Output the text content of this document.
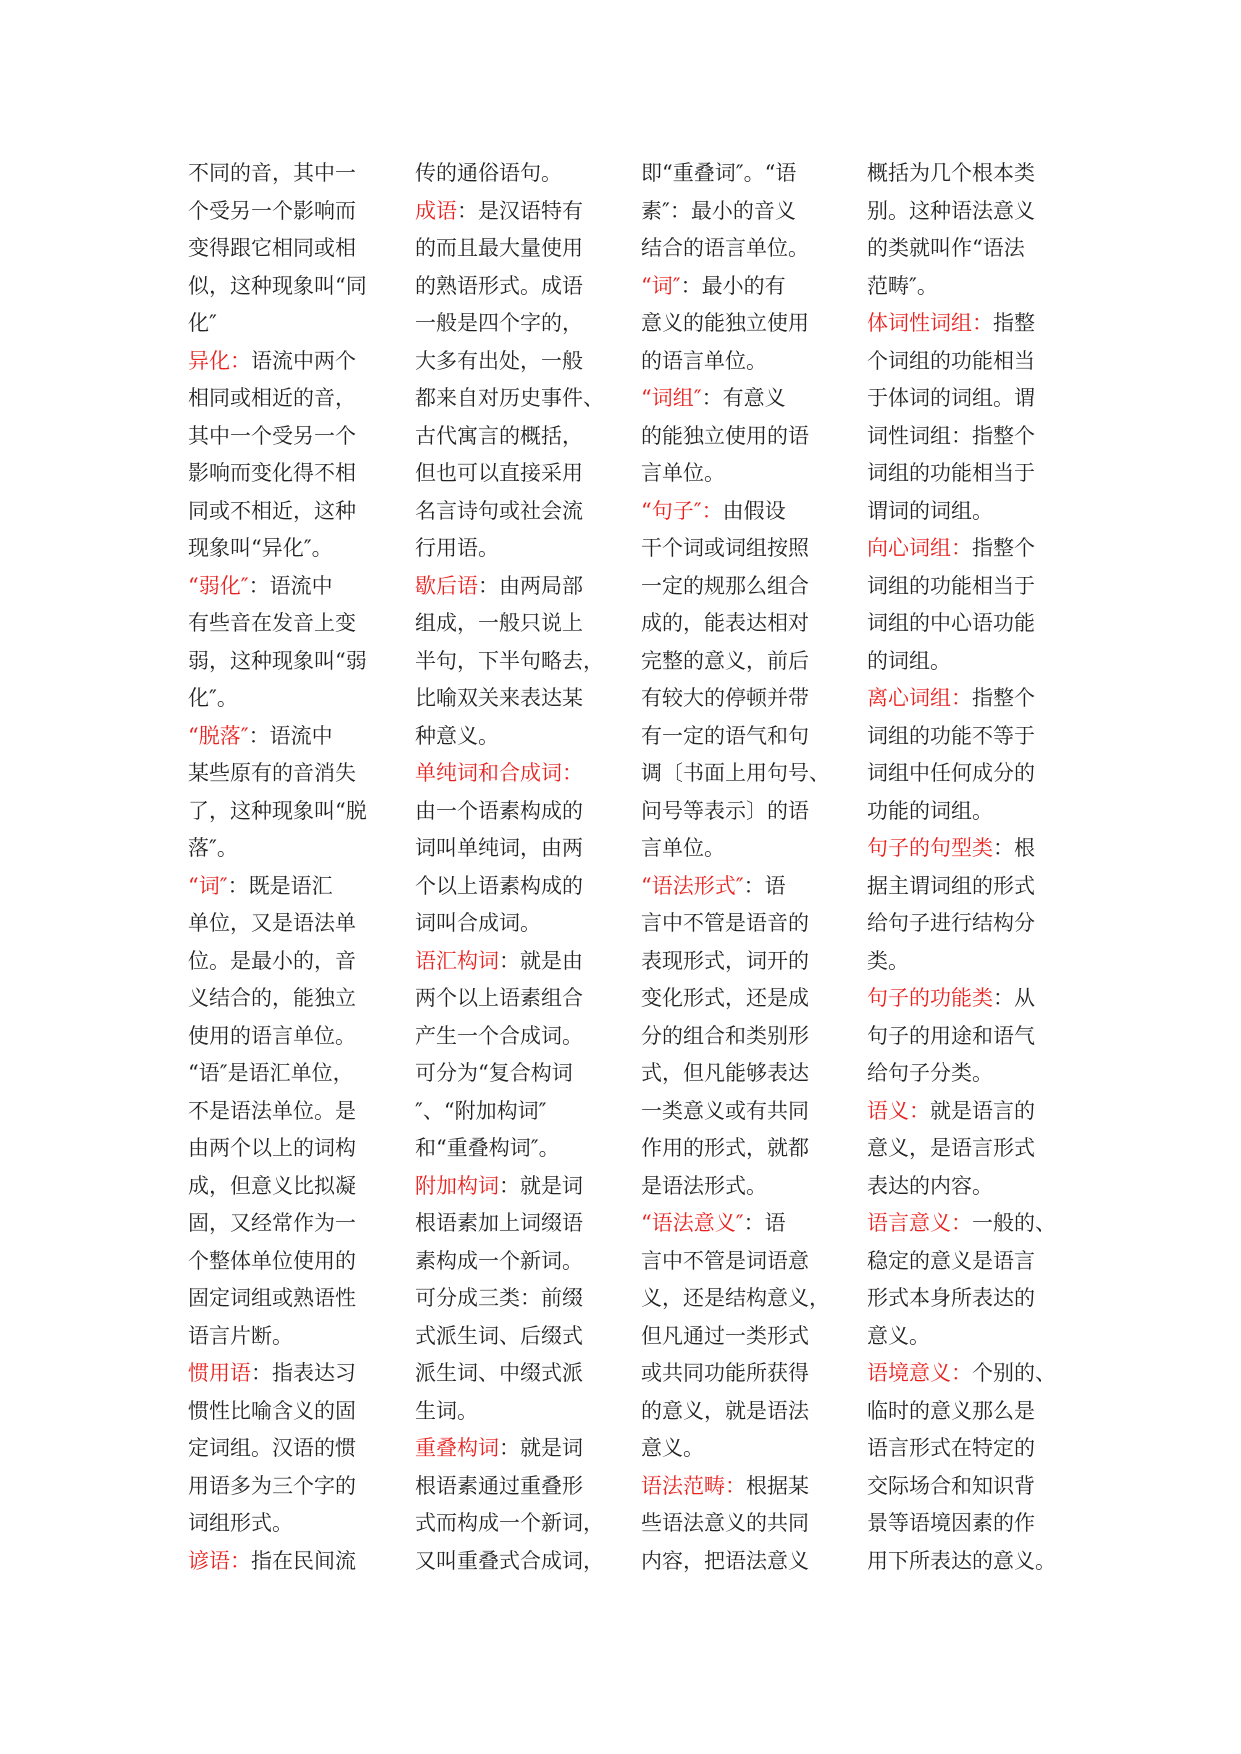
不同的音，其中一
个受另一个影响而
变得跟它相同或相
似，这种现象叫“同
化″
异化：语流中两个
相同或相近的音，
其中一个受另一个
影响而变化得不相
同或不相近，这种
现象叫“异化″。
“弱化″：语流中
有些音在发音上变
弱，这种现象叫“弱
化″。
“脱落″：语流中
某些原有的音消失
了，这种现象叫“脱
落″。
“词″：既是语汇
单位，又是语法单
位。是最小的，音
义结合的，能独立
使用的语言单位。
“语″是语汇单位，
不是语法单位。是
由两个以上的词构
成，但意义比拟凝
固，又经常作为一
个整体单位使用的
固定词组或熟语性
语言片断。
惯用语：指表达习
惯性比喻含义的固
定词组。汉语的惯
用语多为三个字的
词组形式。
谚语：指在民间流
传的通俗语句。
成语：是汉语特有
的而且最大量使用
的熟语形式。成语
一般是四个字的，
大多有出处，一般
都来自对历史事件、
古代寓言的概括，
但也可以直接采用
名言诗句或社会流
行用语。
歇后语：由两局部
组成，一般只说上
半句，下半句略去，
比喻双关来表达某
种意义。
单纯词和合成词：
由一个语素构成的
词叫单纯词，由两
个以上语素构成的
词叫合成词。
语汇构词：就是由
两个以上语素组合
产生一个合成词。
可分为“复合构词
″、“附加构词″
和“重叠构词″。
附加构词：就是词
根语素加上词缀语
素构成一个新词。
可分成三类：前缀
式派生词、后缀式
派生词、中缀式派
生词。
重叠构词：就是词
根语素通过重叠形
式而构成一个新词，
又叫重叠式合成词，
即“重叠词″。“语
素″：最小的音义
结合的语言单位。
“词″：最小的有
意义的能独立使用
的语言单位。
“词组″：有意义
的能独立使用的语
言单位。
“句子″：由假设
干个词或词组按照
一定的规那么组合
成的，能表达相对
完整的意义，前后
有较大的停顿并带
有一定的语气和句
调〔书面上用句号、
问号等表示〕的语
言单位。
“语法形式″：语
言中不管是语音的
表现形式，词开的
变化形式，还是成
分的组合和类别形
式，但凡能够表达
一类意义或有共同
作用的形式，就都
是语法形式。
“语法意义″：语
言中不管是词语意
义，还是结构意义，
但凡通过一类形式
或共同功能所获得
的意义，就是语法
意义。
语法范畴：根据某
些语法意义的共同
内容，把语法意义
概括为几个根本类
别。这种语法意义
的类就叫作“语法
范畴″。
体词性词组：指整
个词组的功能相当
于体词的词组。谓
词性词组：指整个
词组的功能相当于
谓词的词组。
向心词组：指整个
词组的功能相当于
词组的中心语功能
的词组。
离心词组：指整个
词组的功能不等于
词组中任何成分的
功能的词组。
句子的句型类：根
据主谓词组的形式
给句子进行结构分
类。
句子的功能类：从
句子的用途和语气
给句子分类。
语义：就是语言的
意义，是语言形式
表达的内容。
语言意义：一般的、
稳定的意义是语言
形式本身所表达的
意义。
语境意义：个别的、
临时的意义那么是
语言形式在特定的
交际场合和知识背
景等语境因素的作
用下所表达的意义。
